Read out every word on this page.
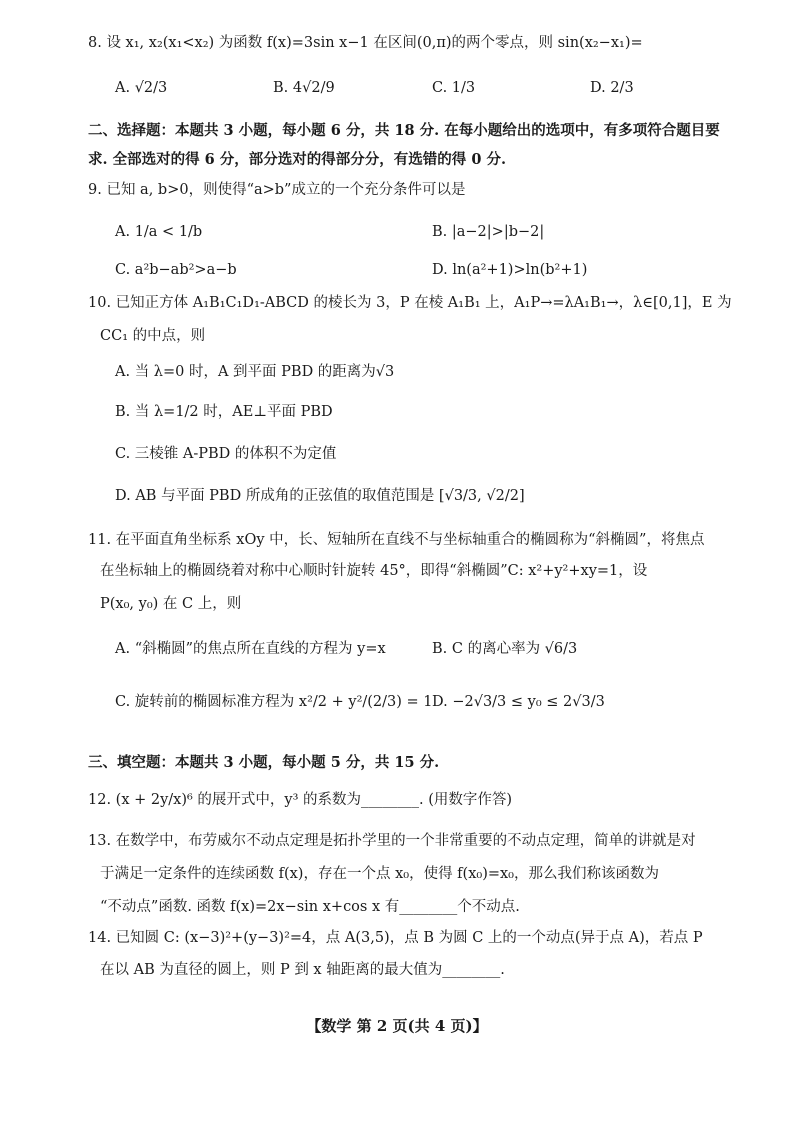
8. 设 x₁, x₂(x₁<x₂) 为函数 f(x)=3sin x−1 在区间(0,π)的两个零点，则 sin(x₂−x₁)=
A. √2/3	B. 4√2/9	C. 1/3	D. 2/3
二、选择题：本题共 3 小题，每小题 6 分，共 18 分. 在每小题给出的选项中，有多项符合题目要
求. 全部选对的得 6 分，部分选对的得部分分，有选错的得 0 分.
9. 已知 a, b>0，则使得“a>b”成立的一个充分条件可以是
A. 1/a < 1/b	B. |a−2|>|b−2|
C. a²b−ab²>a−b	D. ln(a²+1)>ln(b²+1)
10. 已知正方体 A₁B₁C₁D₁-ABCD 的棱长为 3，P 在棱 A₁B₁ 上，A₁P→=λA₁B₁→，λ∈[0,1]，E 为
CC₁ 的中点，则
A. 当 λ=0 时，A 到平面 PBD 的距离为√3
B. 当 λ=1/2 时，AE⊥平面 PBD
C. 三棱锥 A-PBD 的体积不为定值
D. AB 与平面 PBD 所成角的正弦值的取值范围是 [√3/3, √2/2]
11. 在平面直角坐标系 xOy 中，长、短轴所在直线不与坐标轴重合的椭圆称为“斜椭圆”，将焦点
在坐标轴上的椭圆绕着对称中心顺时针旋转 45°，即得“斜椭圆”C: x²+y²+xy=1，设
P(x₀, y₀) 在 C 上，则
A. “斜椭圆”的焦点所在直线的方程为 y=x	B. C 的离心率为 √6/3
C. 旋转前的椭圆标准方程为 x²/2 + y²/(2/3) = 1 D. −2√3/3 ≤ y₀ ≤ 2√3/3
三、填空题：本题共 3 小题，每小题 5 分，共 15 分.
12. (x + 2y/x)⁶ 的展开式中，y³ 的系数为________. (用数字作答)
13. 在数学中，布劳威尔不动点定理是拓扑学里的一个非常重要的不动点定理，简单的讲就是对
于满足一定条件的连续函数 f(x)，存在一个点 x₀，使得 f(x₀)=x₀，那么我们称该函数为
“不动点”函数. 函数 f(x)=2x−sin x+cos x 有________个不动点.
14. 已知圆 C: (x−3)²+(y−3)²=4，点 A(3,5)，点 B 为圆 C 上的一个动点(异于点 A)，若点 P
在以 AB 为直径的圆上，则 P 到 x 轴距离的最大值为________.
【数学 第 2 页(共 4 页)】
